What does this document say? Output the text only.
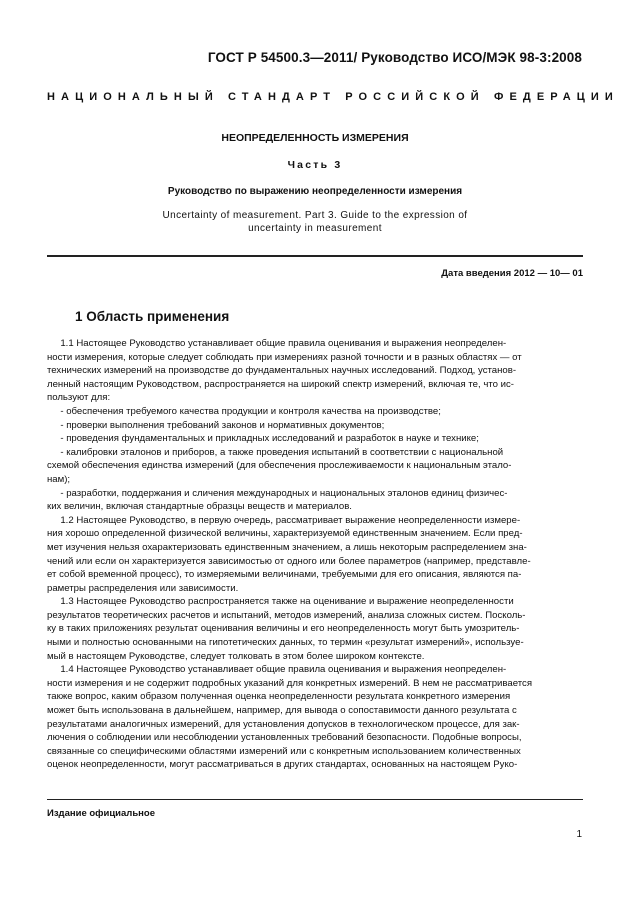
ГОСТ Р 54500.3—2011/ Руководство ИСО/МЭК 98-3:2008
НАЦИОНАЛЬНЫЙ СТАНДАРТ РОССИЙСКОЙ ФЕДЕРАЦИИ
НЕОПРЕДЕЛЕННОСТЬ ИЗМЕРЕНИЯ
Часть 3
Руководство по выражению неопределенности измерения
Uncertainty of measurement. Part 3. Guide to the expression of
uncertainty in measurement
Дата введения 2012 — 10— 01
1 Область применения
1.1 Настоящее Руководство устанавливает общие правила оценивания и выражения неопределен-
ности измерения, которые следует соблюдать при измерениях разной точности и в разных областях — от
технических измерений на производстве до фундаментальных научных исследований. Подход, установ-
ленный настоящим Руководством, распространяется на широкий спектр измерений, включая те, что ис-
пользуют для:
- обеспечения требуемого качества продукции и контроля качества на производстве;
- проверки выполнения требований законов и нормативных документов;
- проведения фундаментальных и прикладных исследований и разработок в науке и технике;
- калибровки эталонов и приборов, а также проведения испытаний в соответствии с национальной
схемой обеспечения единства измерений (для обеспечения прослеживаемости к национальным этало-
нам);
- разработки, поддержания и сличения международных и национальных эталонов единиц физичес-
ких величин, включая стандартные образцы веществ и материалов.
1.2 Настоящее Руководство, в первую очередь, рассматривает выражение неопределенности измере-
ния хорошо определенной физической величины, характеризуемой единственным значением. Если пред-
мет изучения нельзя охарактеризовать единственным значением, а лишь некоторым распределением зна-
чений или если он характеризуется зависимостью от одного или более параметров (например, представле-
ет собой временной процесс), то измеряемыми величинами, требуемыми для его описания, являются па-
раметры распределения или зависимости.
1.3 Настоящее Руководство распространяется также на оценивание и выражение неопределенности
результатов теоретических расчетов и испытаний, методов измерений, анализа сложных систем. Посколь-
ку в таких приложениях результат оценивания величины и его неопределенность могут быть умозритель-
ными и полностью основанными на гипотетических данных, то термин «результат измерений», используе-
мый в настоящем Руководстве, следует толковать в этом более широком контексте.
1.4 Настоящее Руководство устанавливает общие правила оценивания и выражения неопределен-
ности измерения и не содержит подробных указаний для конкретных измерений. В нем не рассматривается
также вопрос, каким образом полученная оценка неопределенности результата конкретного измерения
может быть использована в дальнейшем, например, для вывода о сопоставимости данного результата с
результатами аналогичных измерений, для установления допусков в технологическом процессе, для зак-
лючения о соблюдении или несоблюдении установленных требований безопасности. Подобные вопросы,
связанные со специфическими областями измерений или с конкретным использованием количественных
оценок неопределенности, могут рассматриваться в других стандартах, основанных на настоящем Руко-
Издание официальное
1
